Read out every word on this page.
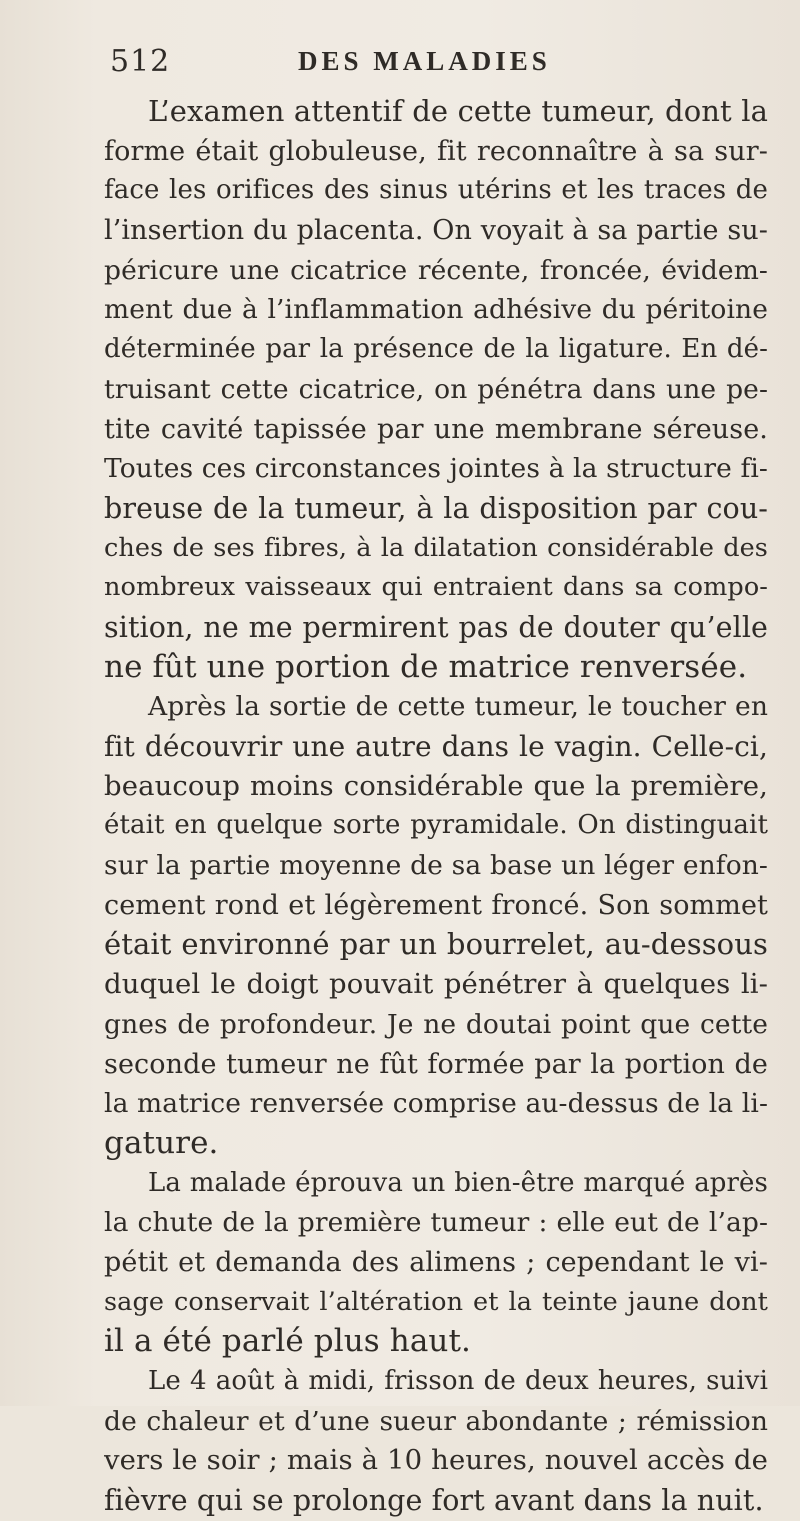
512	DES MALADIES
L’examen attentif de cette tumeur, dont la
forme était globuleuse, fit reconnaître à sa sur-
face les orifices des sinus utérins et les traces de
l’insertion du placenta. On voyait à sa partie su-
péricure une cicatrice récente, froncée, évidem-
ment due à l’inflammation adhésive du péritoine
déterminée par la présence de la ligature. En dé-
truisant cette cicatrice, on pénétra dans une pe-
tite cavité tapissée par une membrane séreuse.
Toutes ces circonstances jointes à la structure fi-
breuse de la tumeur, à la disposition par cou-
ches de ses fibres, à la dilatation considérable des
nombreux vaisseaux qui entraient dans sa compo-
sition, ne me permirent pas de douter qu’elle
ne fût une portion de matrice renversée.
Après la sortie de cette tumeur, le toucher en
fit découvrir une autre dans le vagin. Celle-ci,
beaucoup moins considérable que la première,
était en quelque sorte pyramidale. On distinguait
sur la partie moyenne de sa base un léger enfon-
cement rond et légèrement froncé. Son sommet
était environné par un bourrelet, au-dessous
duquel le doigt pouvait pénétrer à quelques li-
gnes de profondeur. Je ne doutai point que cette
seconde tumeur ne fût formée par la portion de
la matrice renversée comprise au-dessus de la li-
gature.
La malade éprouva un bien-être marqué après
la chute de la première tumeur : elle eut de l’ap-
pétit et demanda des alimens ; cependant le vi-
sage conservait l’altération et la teinte jaune dont
il a été parlé plus haut.
Le 4 août à midi, frisson de deux heures, suivi
de chaleur et d’une sueur abondante ; rémission
vers le soir ; mais à 10 heures, nouvel accès de
fièvre qui se prolonge fort avant dans la nuit.
